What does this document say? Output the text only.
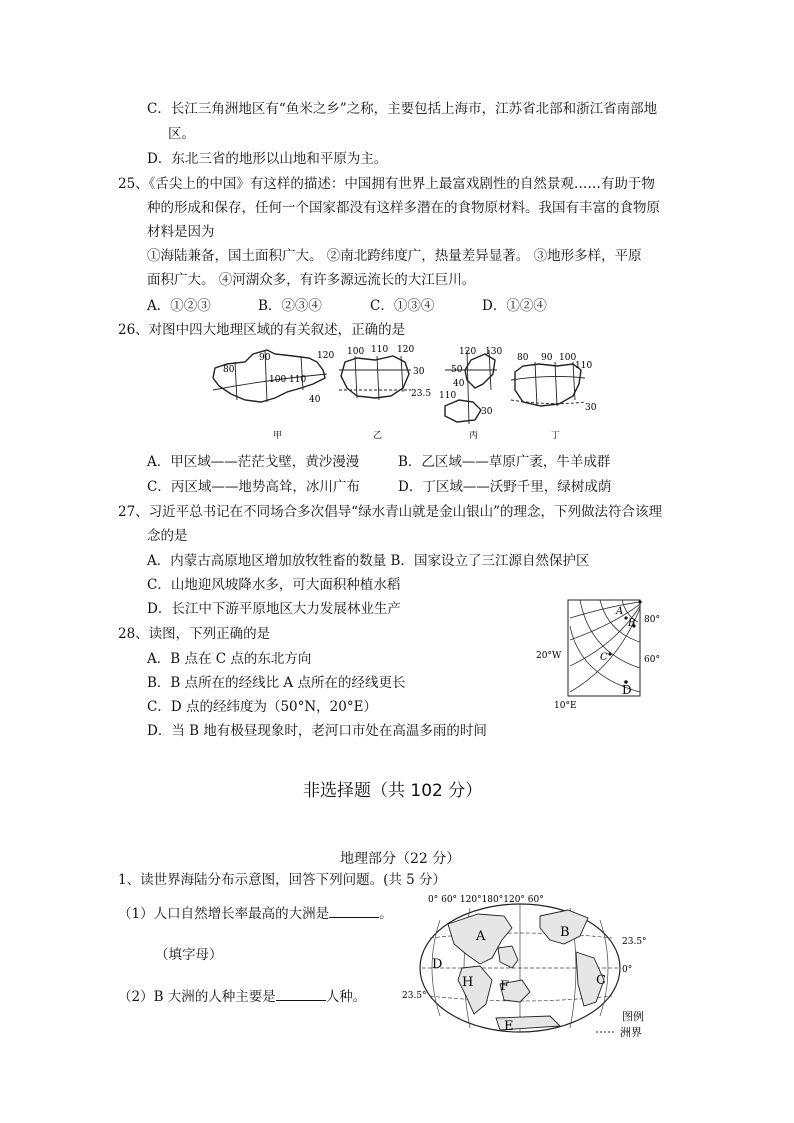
C．长江三角洲地区有“鱼米之乡”之称，主要包括上海市，江苏省北部和浙江省南部地
区。
D．东北三省的地形以山地和平原为主。
25、《舌尖上的中国》有这样的描述：中国拥有世界上最富戏剧性的自然景观……有助于物
种的形成和保存，任何一个国家都没有这样多潜在的食物原材料。我国有丰富的食物原
材料是因为
①海陆兼备，国土面积广大。 ②南北跨纬度广，热量差异显著。 ③地形多样，平原
面积广大。 ④河湖众多，有许多源远流长的大江巨川。
A．①②③	B．②③④	C．①③④	D．①②④
26、对图中四大地理区域的有关叙述，正确的是
80
90
100 110
120
40
甲
100 110 120
30
23.5
乙
120 130
50
40
110
30
丙
80 90 100
110
30
丁
A．甲区域——茫茫戈壁，黄沙漫漫	B．乙区域——草原广袤，牛羊成群
C．丙区域——地势高耸，冰川广布	D．丁区域——沃野千里，绿树成荫
27、习近平总书记在不同场合多次倡导“绿水青山就是金山银山”的理念，下列做法符合该理
念的是
A．内蒙古高原地区增加放牧牲畜的数量 B．国家设立了三江源自然保护区
C．山地迎风坡降水多，可大面积种植水稻
D．长江中下游平原地区大力发展林业生产	A
B
C
D
80°
60°
20°W
10°E
28、读图，下列正确的是
A．B 点在 C 点的东北方向
B．B 点所在的经线比 A 点所在的经线更长
C．D 点的经纬度为（50°N，20°E）
D．当 B 地有极昼现象时，老河口市处在高温多雨的时间
非选择题（共 102 分）
地理部分（22 分）
1、读世界海陆分布示意图，回答下列问题。(共 5 分）
（1）人口自然增长率最高的大洲是	。
（填字母）
（2）B 大洲的人种主要是	人种。
0° 60° 120°180°120° 60°
A	B
C
D
E
F
H
23.5°
0°
23.5°
图例
洲界
